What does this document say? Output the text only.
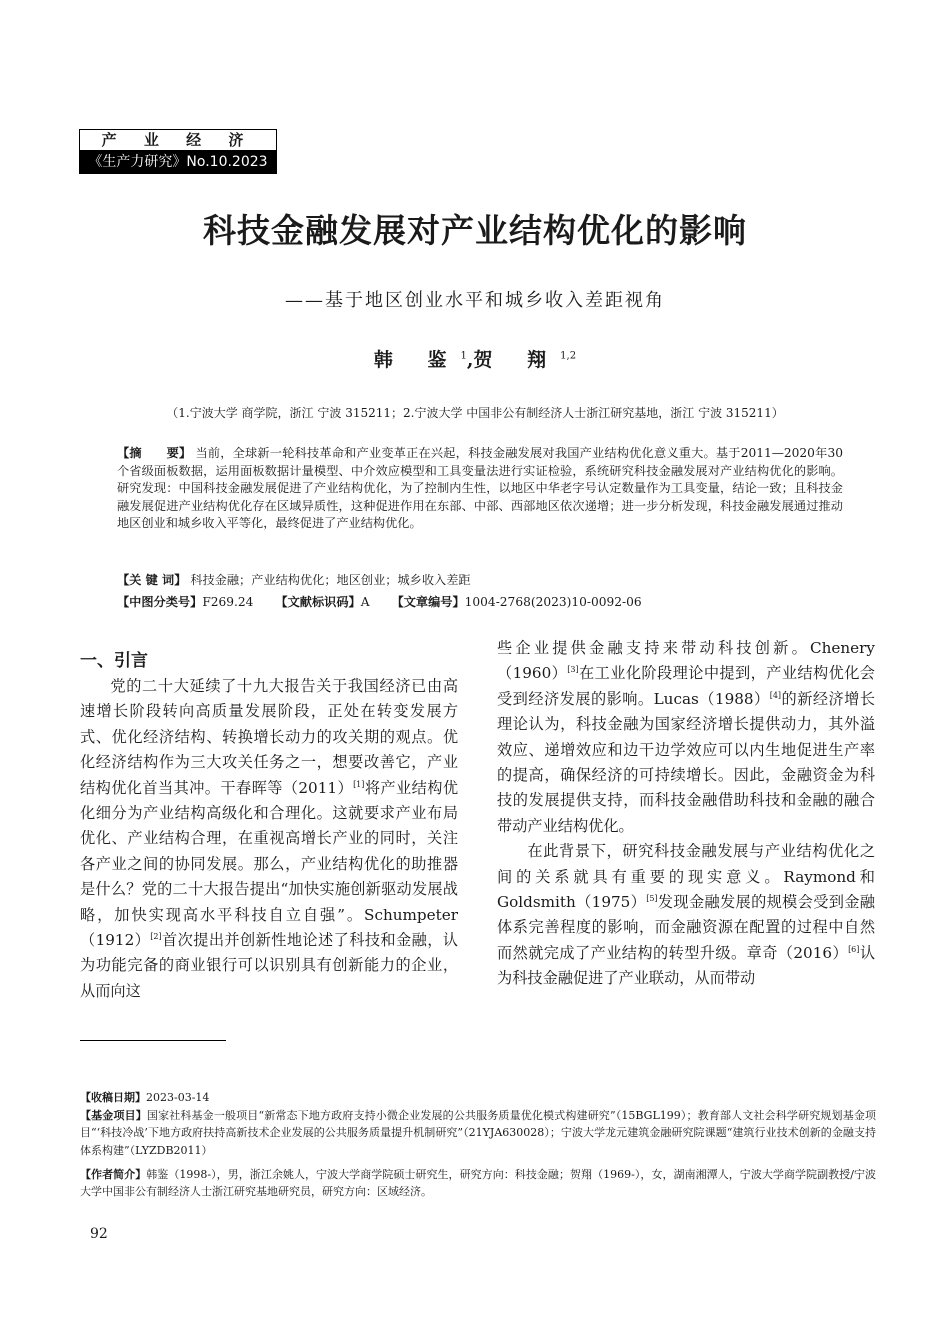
产 业 经 济
《生产力研究》No.10.2023
科技金融发展对产业结构优化的影响
——基于地区创业水平和城乡收入差距视角
韩 鉴$^1$,贺 翔$^{1,2}$
（1.宁波大学 商学院，浙江 宁波 315211；2.宁波大学 中国非公有制经济人士浙江研究基地，浙江 宁波 315211）
【摘　　要】 当前，全球新一轮科技革命和产业变革正在兴起，科技金融发展对我国产业结构优化意义重大。基于2011—2020年30个省级面板数据，运用面板数据计量模型、中介效应模型和工具变量法进行实证检验，系统研究科技金融发展对产业结构优化的影响。研究发现：中国科技金融发展促进了产业结构优化，为了控制内生性，以地区中华老字号认定数量作为工具变量，结论一致；且科技金融发展促进产业结构优化存在区域异质性，这种促进作用在东部、中部、西部地区依次递增；进一步分析发现，科技金融发展通过推动地区创业和城乡收入平等化，最终促进了产业结构优化。
【关 键 词】 科技金融；产业结构优化；地区创业；城乡收入差距
【中图分类号】F269.24 【文献标识码】A 【文章编号】1004-2768(2023)10-0092-06
一、引言

党的二十大延续了十九大报告关于我国经济已由高速增长阶段转向高质量发展阶段，正处在转变发展方式、优化经济结构、转换增长动力的攻关期的观点。优化经济结构作为三大攻关任务之一，想要改善它，产业结构优化首当其冲。干春晖等（2011）[1]将产业结构优化细分为产业结构高级化和合理化。这就要求产业布局优化、产业结构合理，在重视高增长产业的同时，关注各产业之间的协同发展。那么，产业结构优化的助推器是什么？党的二十大报告提出“加快实施创新驱动发展战略，加快实现高水平科技自立自强”。Schumpeter（1912）[2]首次提出并创新性地论述了科技和金融，认为功能完备的商业银行可以识别具有创新能力的企业，从而向这

些企业提供金融支持来带动科技创新。Chenery（1960）[3]在工业化阶段理论中提到，产业结构优化会受到经济发展的影响。Lucas（1988）[4]的新经济增长理论认为，科技金融为国家经济增长提供动力，其外溢效应、递增效应和边干边学效应可以内生地促进生产率的提高，确保经济的可持续增长。因此，金融资金为科技的发展提供支持，而科技金融借助科技和金融的融合带动产业结构优化。

在此背景下，研究科技金融发展与产业结构优化之间的关系就具有重要的现实意义。Raymond和Goldsmith（1975）[5]发现金融发展的规模会受到金融体系完善程度的影响，而金融资源在配置的过程中自然而然就完成了产业结构的转型升级。章奇（2016）[6]认为科技金融促进了产业联动，从而带动

【收稿日期】2023-03-14
【基金项目】国家社科基金一般项目“新常态下地方政府支持小微企业发展的公共服务质量优化模式构建研究”（15BGL199）；教育部人文社会科学研究规划基金项目“‘科技冷战’下地方政府扶持高新技术企业发展的公共服务质量提升机制研究”（21YJA630028）；宁波大学龙元建筑金融研究院课题“建筑行业技术创新的金融支持体系构建”（LYZDB2011）
【作者简介】韩鉴（1998-），男，浙江余姚人，宁波大学商学院硕士研究生，研究方向：科技金融；贺翔（1969-），女，湖南湘潭人，宁波大学商学院副教授/宁波大学中国非公有制经济人士浙江研究基地研究员，研究方向：区域经济。
92
